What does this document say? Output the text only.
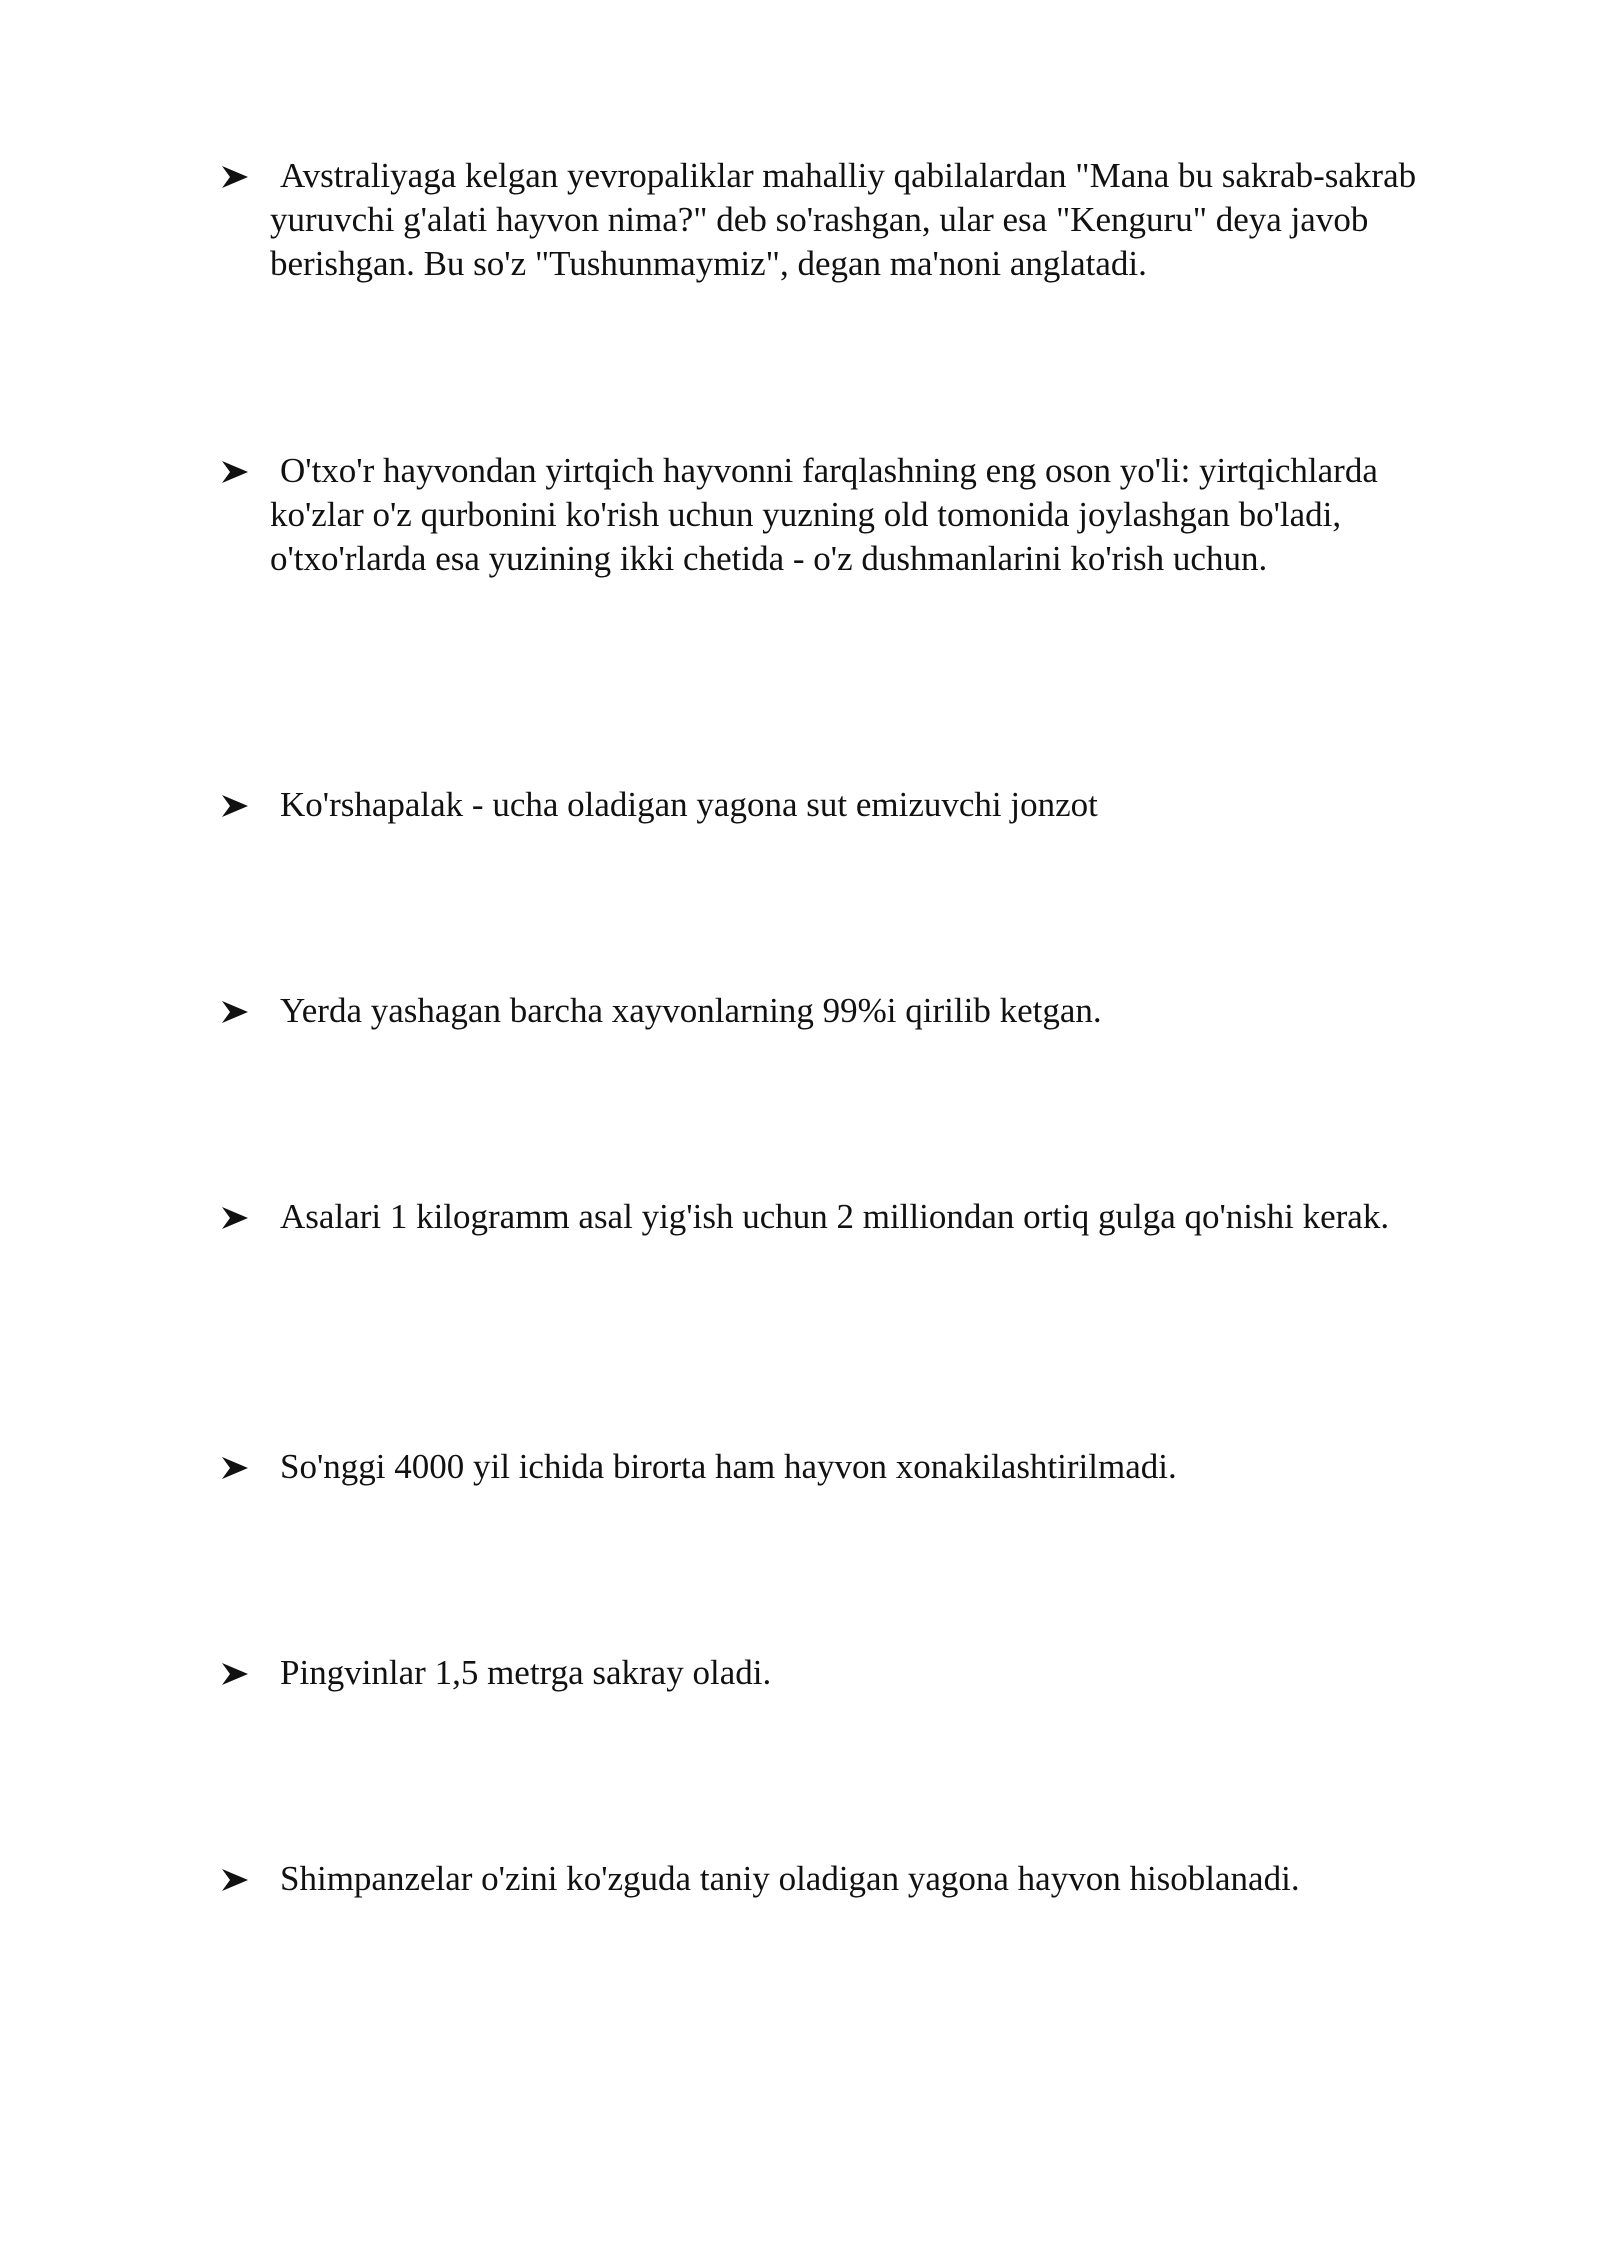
Avstraliyaga kelgan yevropaliklar mahalliy qabilalardan "Mana bu sakrab-sakrab yuruvchi g'alati hayvon nima?" deb so'rashgan, ular esa "Kenguru" deya javob berishgan. Bu so'z "Tushunmaymiz", degan ma'noni anglatadi.

O'txo'r hayvondan yirtqich hayvonni farqlashning eng oson yo'li: yirtqichlarda ko'zlar o'z qurbonini ko'rish uchun yuzning old tomonida joylashgan bo'ladi, o'txo'rlarda esa yuzining ikki chetida - o'z dushmanlarini ko'rish uchun.

Ko'rshapalak - ucha oladigan yagona sut emizuvchi jonzot

Yerda yashagan barcha xayvonlarning 99%i qirilib ketgan.

Asalari 1 kilogramm asal yig'ish uchun 2 milliondan ortiq gulga qo'nishi kerak.

So'nggi 4000 yil ichida birorta ham hayvon xonakilashtirilmadi.

Pingvinlar 1,5 metrga sakray oladi.

Shimpanzelar o'zini ko'zguda taniy oladigan yagona hayvon hisoblanadi.
